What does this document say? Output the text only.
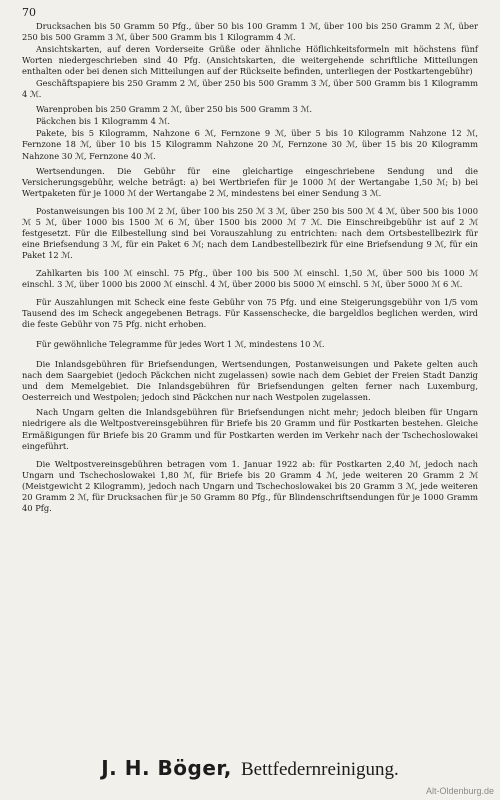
70

Drucksachen bis 50 Gramm 50 Pfg., über 50 bis 100 Gramm 1 ℳ, über 100 bis 250 Gramm 2 ℳ, über 250 bis 500 Gramm 3 ℳ, über 500 Gramm bis 1 Kilogramm 4 ℳ.

Ansichtskarten, auf deren Vorderseite Grüße oder ähnliche Höflichkeitsformeln mit höchstens fünf Worten niedergeschrieben sind 40 Pfg. (Ansichtskarten, die weitergehende schriftliche Mitteilungen enthalten oder bei denen sich Mitteilungen auf der Rückseite befinden, unterliegen der Postkartengebühr)

Geschäftspapiere bis 250 Gramm 2 ℳ, über 250 bis 500 Gramm 3 ℳ, über 500 Gramm bis 1 Kilogramm 4 ℳ.

Warenproben bis 250 Gramm 2 ℳ, über 250 bis 500 Gramm 3 ℳ.

Päckchen bis 1 Kilogramm 4 ℳ.

Pakete, bis 5 Kilogramm, Nahzone 6 ℳ, Fernzone 9 ℳ, über 5 bis 10 Kilogramm Nahzone 12 ℳ, Fernzone 18 ℳ, über 10 bis 15 Kilogramm Nahzone 20 ℳ, Fernzone 30 ℳ, über 15 bis 20 Kilogramm Nahzone 30 ℳ, Fernzone 40 ℳ.

Wertsendungen. Die Gebühr für eine gleichartige eingeschriebene Sendung und die Versicherungsgebühr, welche beträgt: a) bei Wertbriefen für je 1000 ℳ der Wertangabe 1,50 ℳ; b) bei Wertpaketen für je 1000 ℳ der Wertangabe 2 ℳ, mindestens bei einer Sendung 3 ℳ.

Postanweisungen bis 100 ℳ 2 ℳ, über 100 bis 250 ℳ 3 ℳ, über 250 bis 500 ℳ 4 ℳ, über 500 bis 1000 ℳ 5 ℳ, über 1000 bis 1500 ℳ 6 ℳ, über 1500 bis 2000 ℳ 7 ℳ. Die Einschreibgebühr ist auf 2 ℳ festgesetzt. Für die Eilbestellung sind bei Vorauszahlung zu entrichten: nach dem Ortsbestellbezirk für eine Briefsendung 3 ℳ, für ein Paket 6 ℳ; nach dem Landbestellbezirk für eine Briefsendung 9 ℳ, für ein Paket 12 ℳ.

Zahlkarten bis 100 ℳ einschl. 75 Pfg., über 100 bis 500 ℳ einschl. 1,50 ℳ, über 500 bis 1000 ℳ einschl. 3 ℳ, über 1000 bis 2000 ℳ einschl. 4 ℳ, über 2000 bis 5000 ℳ einschl. 5 ℳ, über 5000 ℳ 6 ℳ.

Für Auszahlungen mit Scheck eine feste Gebühr von 75 Pfg. und eine Steigerungsgebühr von 1/5 vom Tausend des im Scheck angegebenen Betrags. Für Kassenschecke, die bargeldlos beglichen werden, wird die feste Gebühr von 75 Pfg. nicht erhoben.

Für gewöhnliche Telegramme für jedes Wort 1 ℳ, mindestens 10 ℳ.

Die Inlandsgebühren für Briefsendungen, Wertsendungen, Postanweisungen und Pakete gelten auch nach dem Saargebiet (jedoch Päckchen nicht zugelassen) sowie nach dem Gebiet der Freien Stadt Danzig und dem Memelgebiet. Die Inlandsgebühren für Briefsendungen gelten ferner nach Luxemburg, Oesterreich und Westpolen; jedoch sind Päckchen nur nach Westpolen zugelassen.

Nach Ungarn gelten die Inlandsgebühren für Briefsendungen nicht mehr; jedoch bleiben für Ungarn niedrigere als die Weltpostvereinsgebühren für Briefe bis 20 Gramm und für Postkarten bestehen. Gleiche Ermäßigungen für Briefe bis 20 Gramm und für Postkarten werden im Verkehr nach der Tschechoslowakei eingeführt.

Die Weltpostvereinsgebühren betragen vom 1. Januar 1922 ab: für Postkarten 2,40 ℳ, jedoch nach Ungarn und Tschechoslowakei 1,80 ℳ, für Briefe bis 20 Gramm 4 ℳ, jede weiteren 20 Gramm 2 ℳ (Meistgewicht 2 Kilogramm), jedoch nach Ungarn und Tschechoslowakei bis 20 Gramm 3 ℳ, jede weiteren 20 Gramm 2 ℳ, für Drucksachen für je 50 Gramm 80 Pfg., für Blindenschriftsendungen für je 1000 Gramm 40 Pfg.

J. H. Böger, Bettfedernreinigung.
Alt-Oldenburg.de
